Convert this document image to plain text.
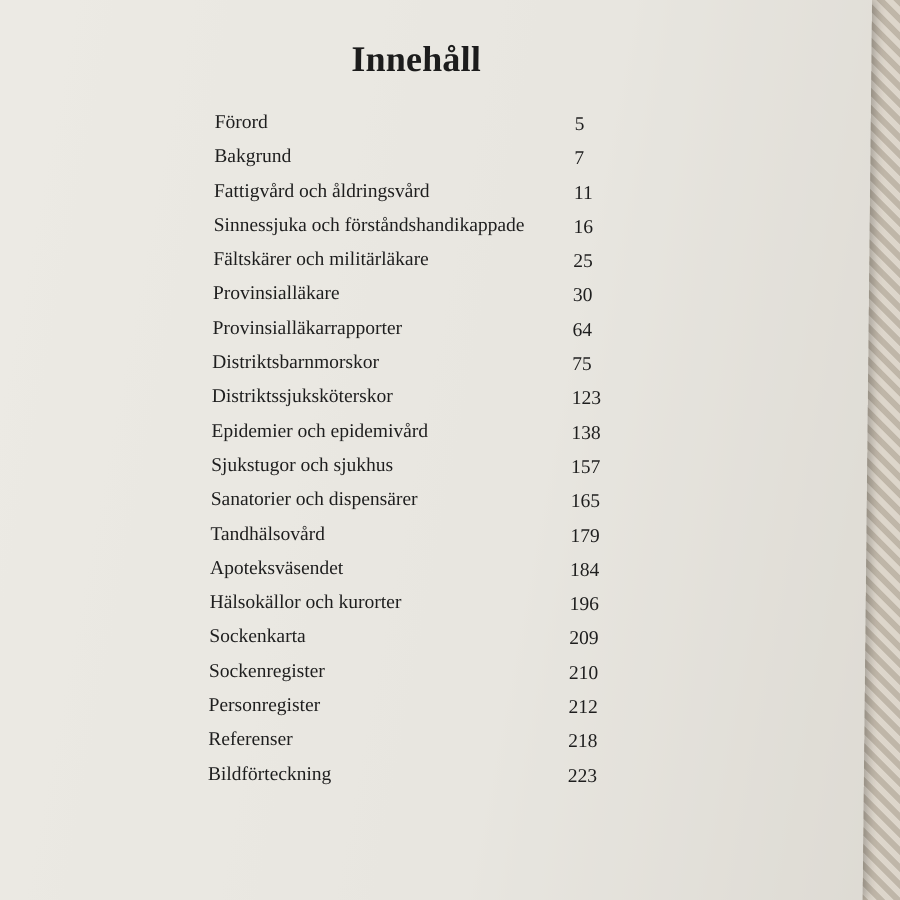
Innehåll
Förord	5
Bakgrund	7
Fattigvård och åldringsvård	11
Sinnessjuka och förståndshandikappade	16
Fältskärer och militärläkare	25
Provinsialläkare	30
Provinsialläkarrapporter	64
Distriktsbarnmorskor	75
Distriktssjuksköterskor	123
Epidemier och epidemivård	138
Sjukstugor och sjukhus	157
Sanatorier och dispensärer	165
Tandhälsovård	179
Apoteksväsendet	184
Hälsokällor och kurorter	196
Sockenkarta	209
Sockenregister	210
Personregister	212
Referenser	218
Bildförteckning	223
